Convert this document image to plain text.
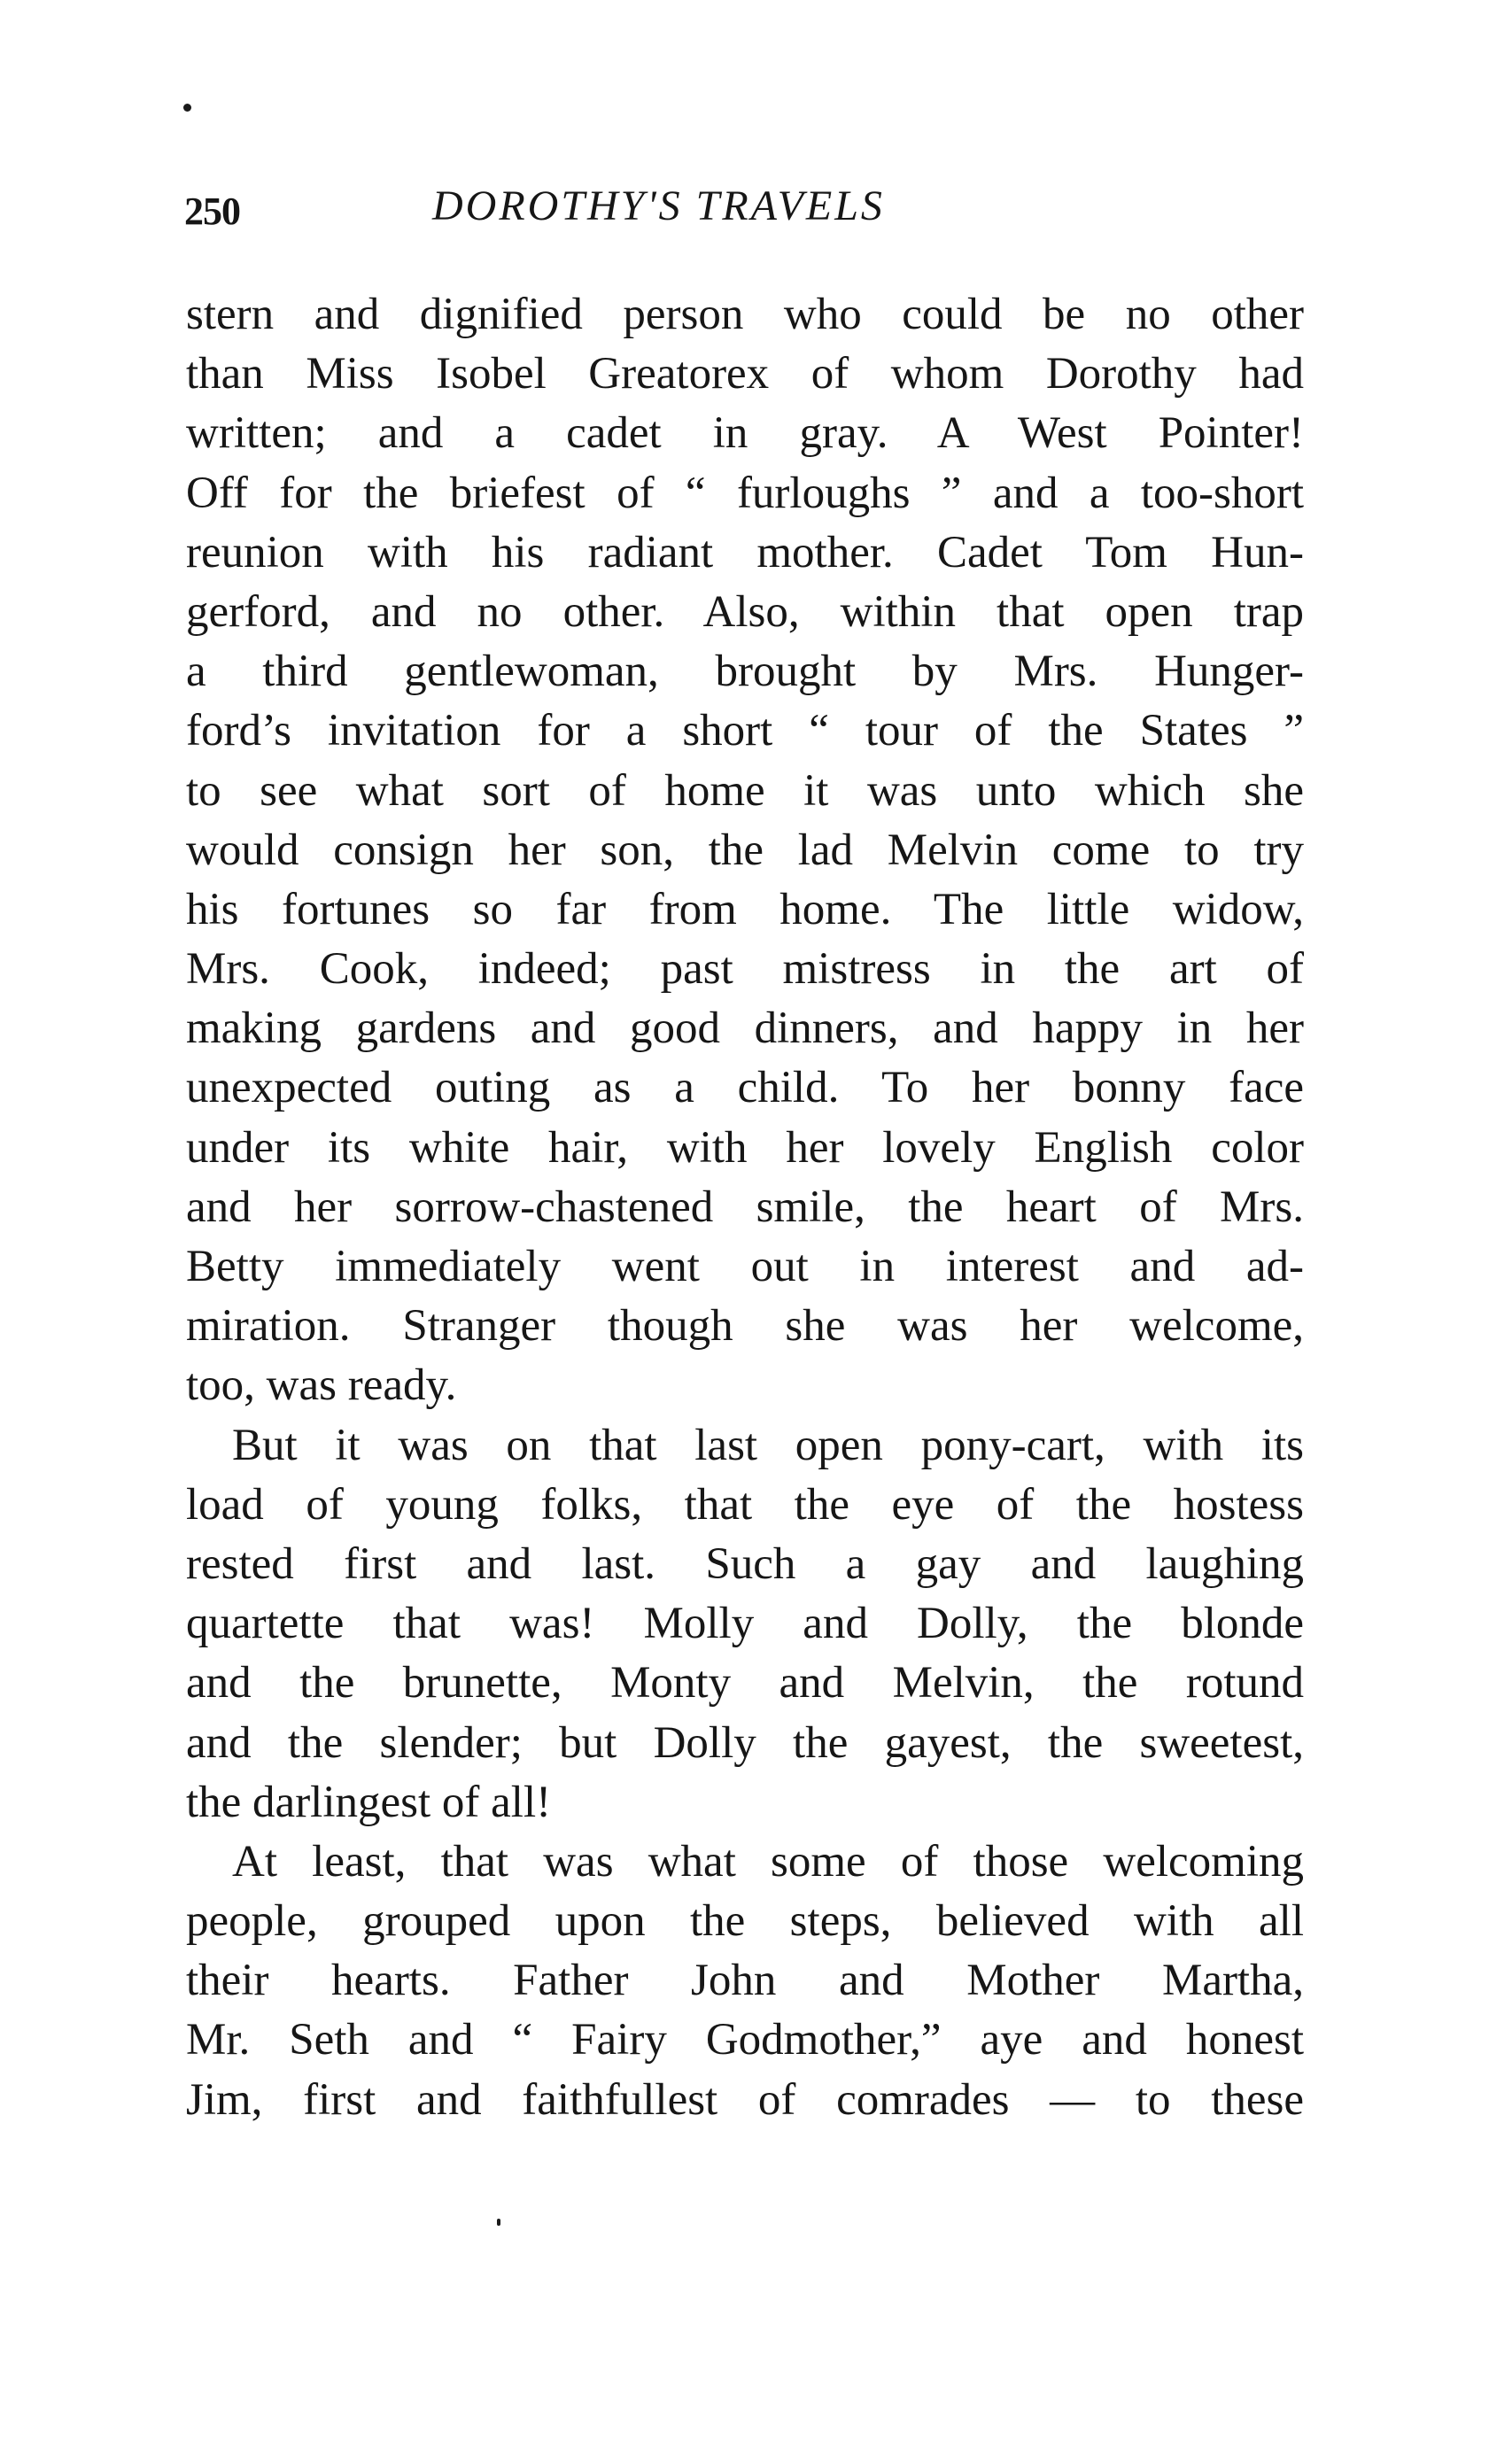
250	DOROTHY'S TRAVELS
stern and dignified person who could be no other
than Miss Isobel Greatorex of whom Dorothy had
written; and a cadet in gray. A West Pointer!
Off for the briefest of “ furloughs ” and a too-short
reunion with his radiant mother. Cadet Tom Hun-
gerford, and no other. Also, within that open trap
a third gentlewoman, brought by Mrs. Hunger-
ford’s invitation for a short “ tour of the States ”
to see what sort of home it was unto which she
would consign her son, the lad Melvin come to try
his fortunes so far from home. The little widow,
Mrs. Cook, indeed; past mistress in the art of
making gardens and good dinners, and happy in her
unexpected outing as a child. To her bonny face
under its white hair, with her lovely English color
and her sorrow-chastened smile, the heart of Mrs.
Betty immediately went out in interest and ad-
miration. Stranger though she was her welcome,
too, was ready.
But it was on that last open pony-cart, with its
load of young folks, that the eye of the hostess
rested first and last. Such a gay and laughing
quartette that was! Molly and Dolly, the blonde
and the brunette, Monty and Melvin, the rotund
and the slender; but Dolly the gayest, the sweetest,
the darlingest of all!
At least, that was what some of those welcoming
people, grouped upon the steps, believed with all
their hearts. Father John and Mother Martha,
Mr. Seth and “ Fairy Godmother,” aye and honest
Jim, first and faithfullest of comrades — to these
